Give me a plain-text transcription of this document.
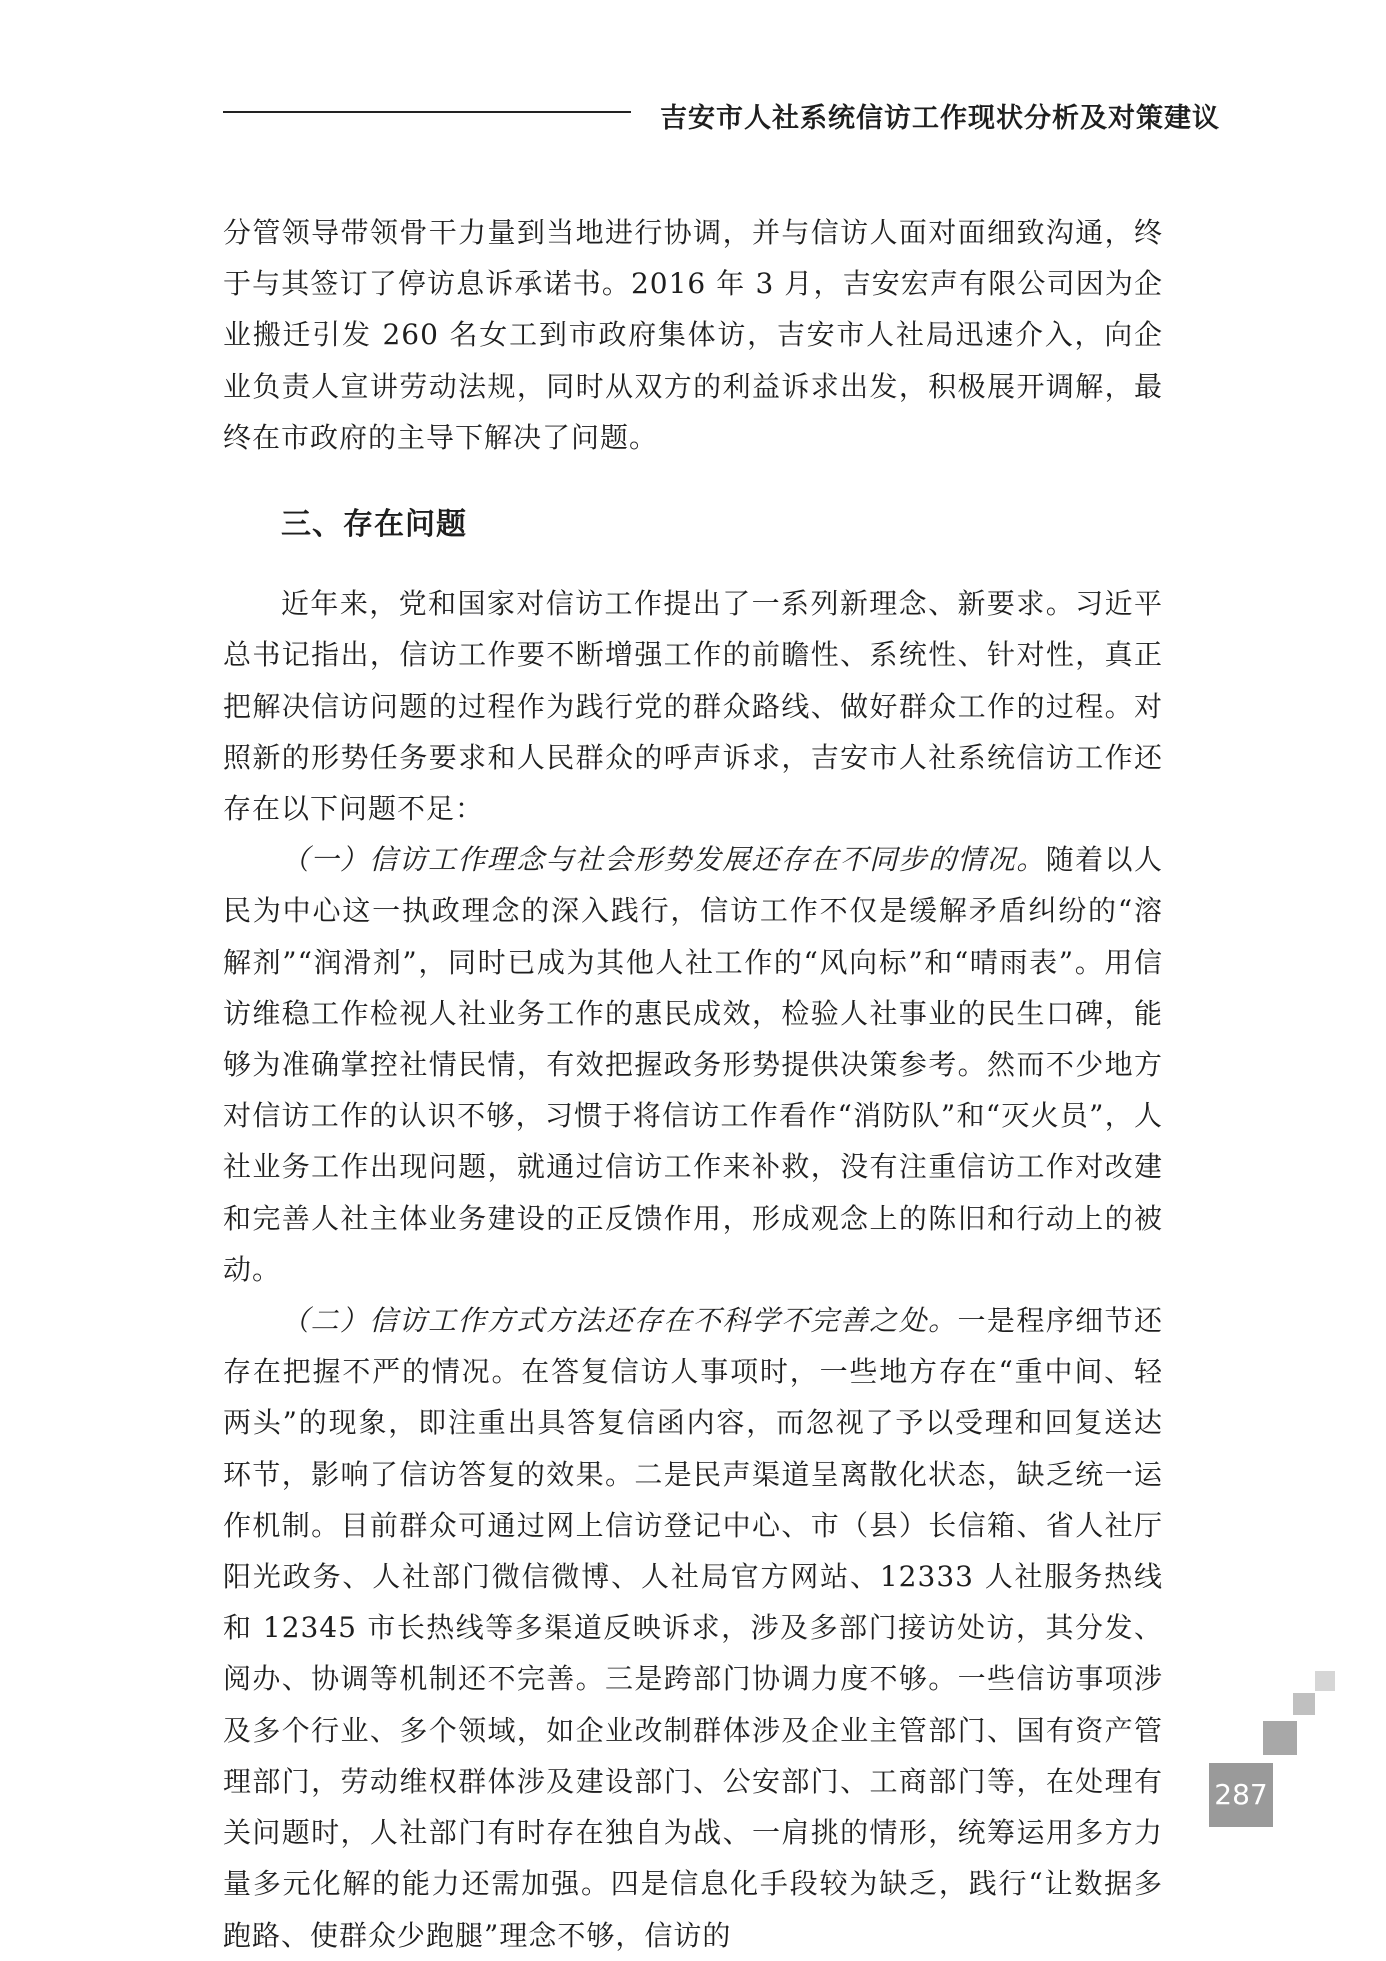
吉安市人社系统信访工作现状分析及对策建议

分管领导带领骨干力量到当地进行协调，并与信访人面对面细致沟通，终于与其签订了停访息诉承诺书。2016 年 3 月，吉安宏声有限公司因为企业搬迁引发 260 名女工到市政府集体访，吉安市人社局迅速介入，向企业负责人宣讲劳动法规，同时从双方的利益诉求出发，积极展开调解，最终在市政府的主导下解决了问题。

三、存在问题

近年来，党和国家对信访工作提出了一系列新理念、新要求。习近平总书记指出，信访工作要不断增强工作的前瞻性、系统性、针对性，真正把解决信访问题的过程作为践行党的群众路线、做好群众工作的过程。对照新的形势任务要求和人民群众的呼声诉求，吉安市人社系统信访工作还存在以下问题不足：

（一）信访工作理念与社会形势发展还存在不同步的情况。随着以人民为中心这一执政理念的深入践行，信访工作不仅是缓解矛盾纠纷的“溶解剂”“润滑剂”，同时已成为其他人社工作的“风向标”和“晴雨表”。用信访维稳工作检视人社业务工作的惠民成效，检验人社事业的民生口碑，能够为准确掌控社情民情，有效把握政务形势提供决策参考。然而不少地方对信访工作的认识不够，习惯于将信访工作看作“消防队”和“灭火员”，人社业务工作出现问题，就通过信访工作来补救，没有注重信访工作对改建和完善人社主体业务建设的正反馈作用，形成观念上的陈旧和行动上的被动。

（二）信访工作方式方法还存在不科学不完善之处。一是程序细节还存在把握不严的情况。在答复信访人事项时，一些地方存在“重中间、轻两头”的现象，即注重出具答复信函内容，而忽视了予以受理和回复送达环节，影响了信访答复的效果。二是民声渠道呈离散化状态，缺乏统一运作机制。目前群众可通过网上信访登记中心、市（县）长信箱、省人社厅阳光政务、人社部门微信微博、人社局官方网站、12333 人社服务热线和 12345 市长热线等多渠道反映诉求，涉及多部门接访处访，其分发、阅办、协调等机制还不完善。三是跨部门协调力度不够。一些信访事项涉及多个行业、多个领域，如企业改制群体涉及企业主管部门、国有资产管理部门，劳动维权群体涉及建设部门、公安部门、工商部门等，在处理有关问题时，人社部门有时存在独自为战、一肩挑的情形，统筹运用多方力量多元化解的能力还需加强。四是信息化手段较为缺乏，践行“让数据多跑路、使群众少跑腿”理念不够，信访的

287
